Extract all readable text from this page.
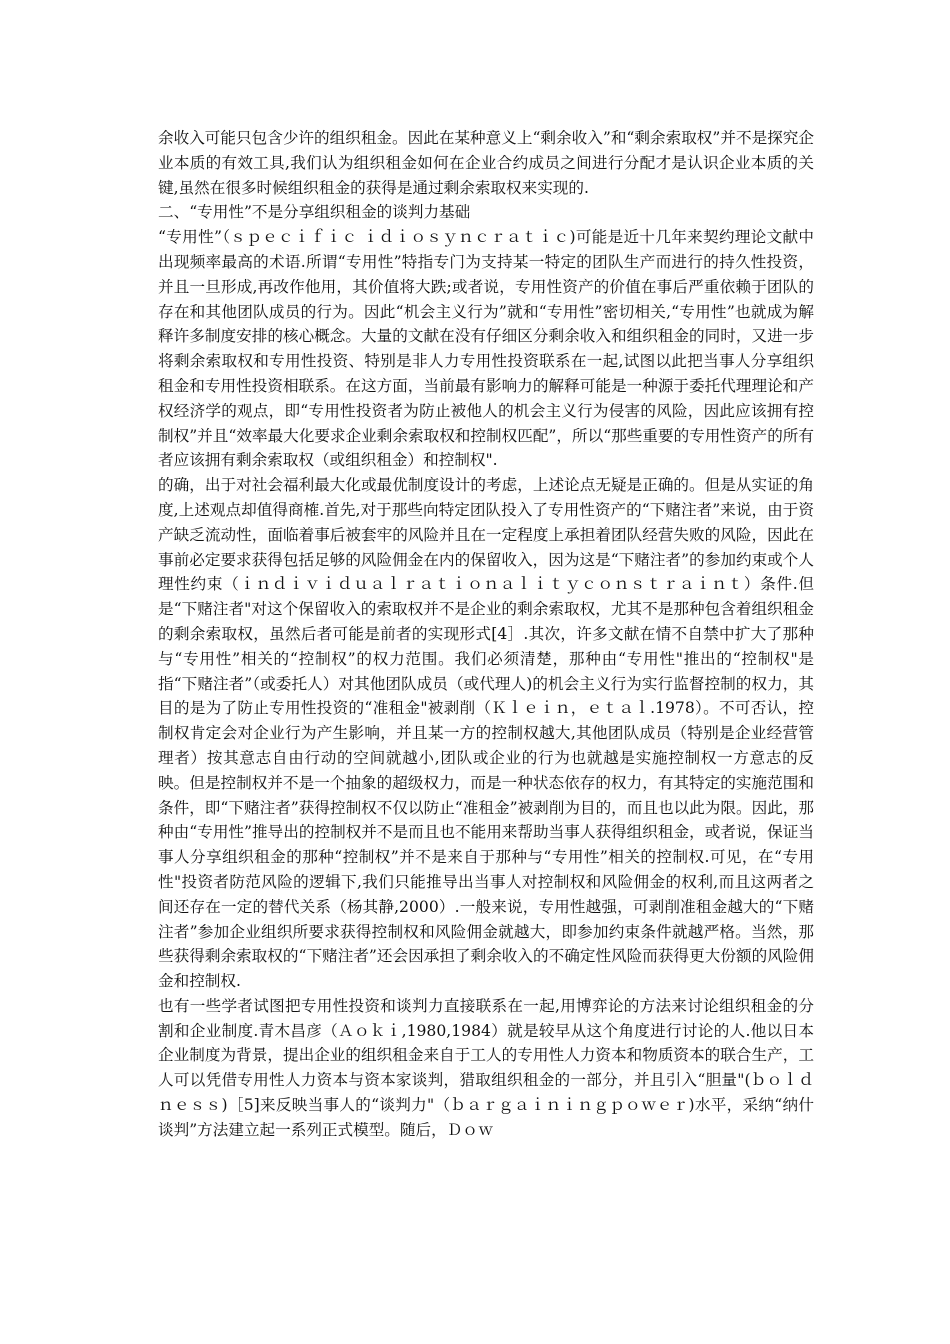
余收入可能只包含少许的组织租金。因此在某种意义上“剩余收入”和“剩余索取权”并不是探究企业本质的有效工具,我们认为组织租金如何在企业合约成员之间进行分配才是认识企业本质的关键,虽然在很多时候组织租金的获得是通过剩余索取权来实现的.

二、“专用性”不是分享组织租金的谈判力基础

“专用性”（ｓｐｅｃｉｆｉｃ ｉｄｉｏｓｙｎｃｒａｔｉｃ)可能是近十几年来契约理论文献中出现频率最高的术语.所谓“专用性”特指专门为支持某一特定的团队生产而进行的持久性投资，并且一旦形成,再改作他用，其价值将大跌;或者说，专用性资产的价值在事后严重依赖于团队的存在和其他团队成员的行为。因此“机会主义行为”就和“专用性”密切相关,“专用性”也就成为解释许多制度安排的核心概念。大量的文献在没有仔细区分剩余收入和组织租金的同时，又进一步将剩余索取权和专用性投资、特别是非人力专用性投资联系在一起,试图以此把当事人分享组织租金和专用性投资相联系。在这方面，当前最有影响力的解释可能是一种源于委托代理理论和产权经济学的观点，即“专用性投资者为防止被他人的机会主义行为侵害的风险，因此应该拥有控制权”并且“效率最大化要求企业剩余索取权和控制权匹配”，所以“那些重要的专用性资产的所有者应该拥有剩余索取权（或组织租金）和控制权".

的确，出于对社会福利最大化或最优制度设计的考虑，上述论点无疑是正确的。但是从实证的角度,上述观点却值得商榷.首先,对于那些向特定团队投入了专用性资产的“下赌注者”来说，由于资产缺乏流动性，面临着事后被套牢的风险并且在一定程度上承担着团队经营失败的风险，因此在事前必定要求获得包括足够的风险佣金在内的保留收入，因为这是“下赌注者”的参加约束或个人理性约束（ｉｎｄｉｖｉｄｕａｌｒａｔｉｏｎａｌｉｔｙｃｏｎｓｔｒａｉｎｔ）条件.但是“下赌注者"对这个保留收入的索取权并不是企业的剩余索取权，尤其不是那种包含着组织租金的剩余索取权，虽然后者可能是前者的实现形式[4］.其次，许多文献在情不自禁中扩大了那种与“专用性”相关的“控制权”的权力范围。我们必须清楚，那种由“专用性"推出的“控制权"是指“下赌注者”（或委托人）对其他团队成员（或代理人)的机会主义行为实行监督控制的权力，其目的是为了防止专用性投资的“准租金"被剥削（Ｋｌｅｉｎ，ｅｔａｌ.1978）。不可否认，控制权肯定会对企业行为产生影响，并且某一方的控制权越大,其他团队成员（特别是企业经营管理者）按其意志自由行动的空间就越小,团队或企业的行为也就越是实施控制权一方意志的反映。但是控制权并不是一个抽象的超级权力，而是一种状态依存的权力，有其特定的实施范围和条件，即“下赌注者”获得控制权不仅以防止“准租金”被剥削为目的，而且也以此为限。因此，那种由“专用性”推导出的控制权并不是而且也不能用来帮助当事人获得组织租金，或者说，保证当事人分享组织租金的那种“控制权”并不是来自于那种与“专用性”相关的控制权.可见，在“专用性"投资者防范风险的逻辑下,我们只能推导出当事人对控制权和风险佣金的权利,而且这两者之间还存在一定的替代关系（杨其静,2000）.一般来说，专用性越强，可剥削准租金越大的“下赌注者”参加企业组织所要求获得控制权和风险佣金就越大，即参加约束条件就越严格。当然，那些获得剩余索取权的“下赌注者”还会因承担了剩余收入的不确定性风险而获得更大份额的风险佣金和控制权.

也有一些学者试图把专用性投资和谈判力直接联系在一起,用博弈论的方法来讨论组织租金的分割和企业制度.青木昌彦（Ａｏｋｉ,1980,1984）就是较早从这个角度进行讨论的人.他以日本企业制度为背景，提出企业的组织租金来自于工人的专用性人力资本和物质资本的联合生产，工人可以凭借专用性人力资本与资本家谈判，猎取组织租金的一部分，并且引入“胆量"(ｂｏｌｄｎｅｓｓ)［5]来反映当事人的“谈判力"（ｂａｒｇａｉｎｉｎｇｐｏｗｅｒ)水平，采纳“纳什谈判”方法建立起一系列正式模型。随后，Ｄｏｗ
